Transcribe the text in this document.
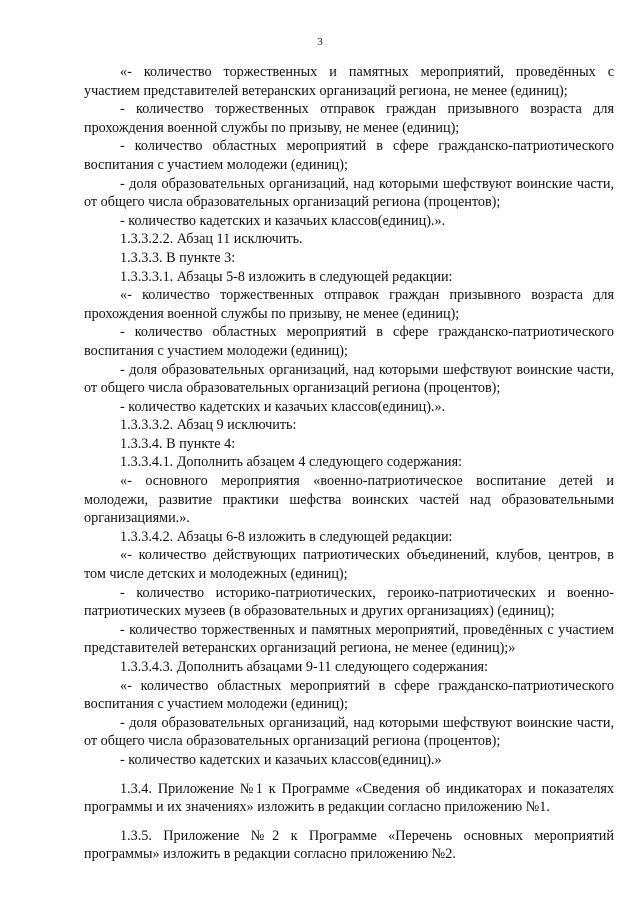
3

«- количество торжественных и памятных мероприятий, проведённых с участием представителей ветеранских организаций региона, не менее (единиц);

- количество торжественных отправок граждан призывного возраста для прохождения военной службы по призыву, не менее (единиц);

- количество областных мероприятий в сфере гражданско-патриотического воспитания с участием молодежи (единиц);

- доля образовательных организаций, над которыми шефствуют воинские части, от общего числа образовательных организаций региона (процентов);

- количество кадетских и казачьих классов(единиц).».

1.3.3.2.2. Абзац 11 исключить.

1.3.3.3. В пункте 3:

1.3.3.3.1. Абзацы 5-8 изложить в следующей редакции:

«- количество торжественных отправок граждан призывного возраста для прохождения военной службы по призыву, не менее (единиц);

- количество областных мероприятий в сфере гражданско-патриотического воспитания с участием молодежи (единиц);

- доля образовательных организаций, над которыми шефствуют воинские части, от общего числа образовательных организаций региона (процентов);

- количество кадетских и казачьих классов(единиц).».

1.3.3.3.2. Абзац 9 исключить:

1.3.3.4. В пункте 4:

1.3.3.4.1. Дополнить абзацем 4 следующего содержания:

«- основного мероприятия «военно-патриотическое воспитание детей и молодежи, развитие практики шефства воинских частей над образовательными организациями.».

1.3.3.4.2. Абзацы 6-8 изложить в следующей редакции:

«- количество действующих патриотических объединений, клубов, центров, в том числе детских и молодежных (единиц);

- количество историко-патриотических, героико-патриотических и военно-патриотических музеев (в образовательных и других организациях) (единиц);

- количество торжественных и памятных мероприятий, проведённых с участием представителей ветеранских организаций региона, не менее (единиц);»

1.3.3.4.3. Дополнить абзацами 9-11 следующего содержания:

«- количество областных мероприятий в сфере гражданско-патриотического воспитания с участием молодежи (единиц);

- доля образовательных организаций, над которыми шефствуют воинские части, от общего числа образовательных организаций региона (процентов);

- количество кадетских и казачьих классов(единиц).»

1.3.4. Приложение №1 к Программе «Сведения об индикаторах и показателях программы и их значениях» изложить в редакции согласно приложению №1.

1.3.5. Приложение №2 к Программе «Перечень основных мероприятий программы» изложить в редакции согласно приложению №2.
